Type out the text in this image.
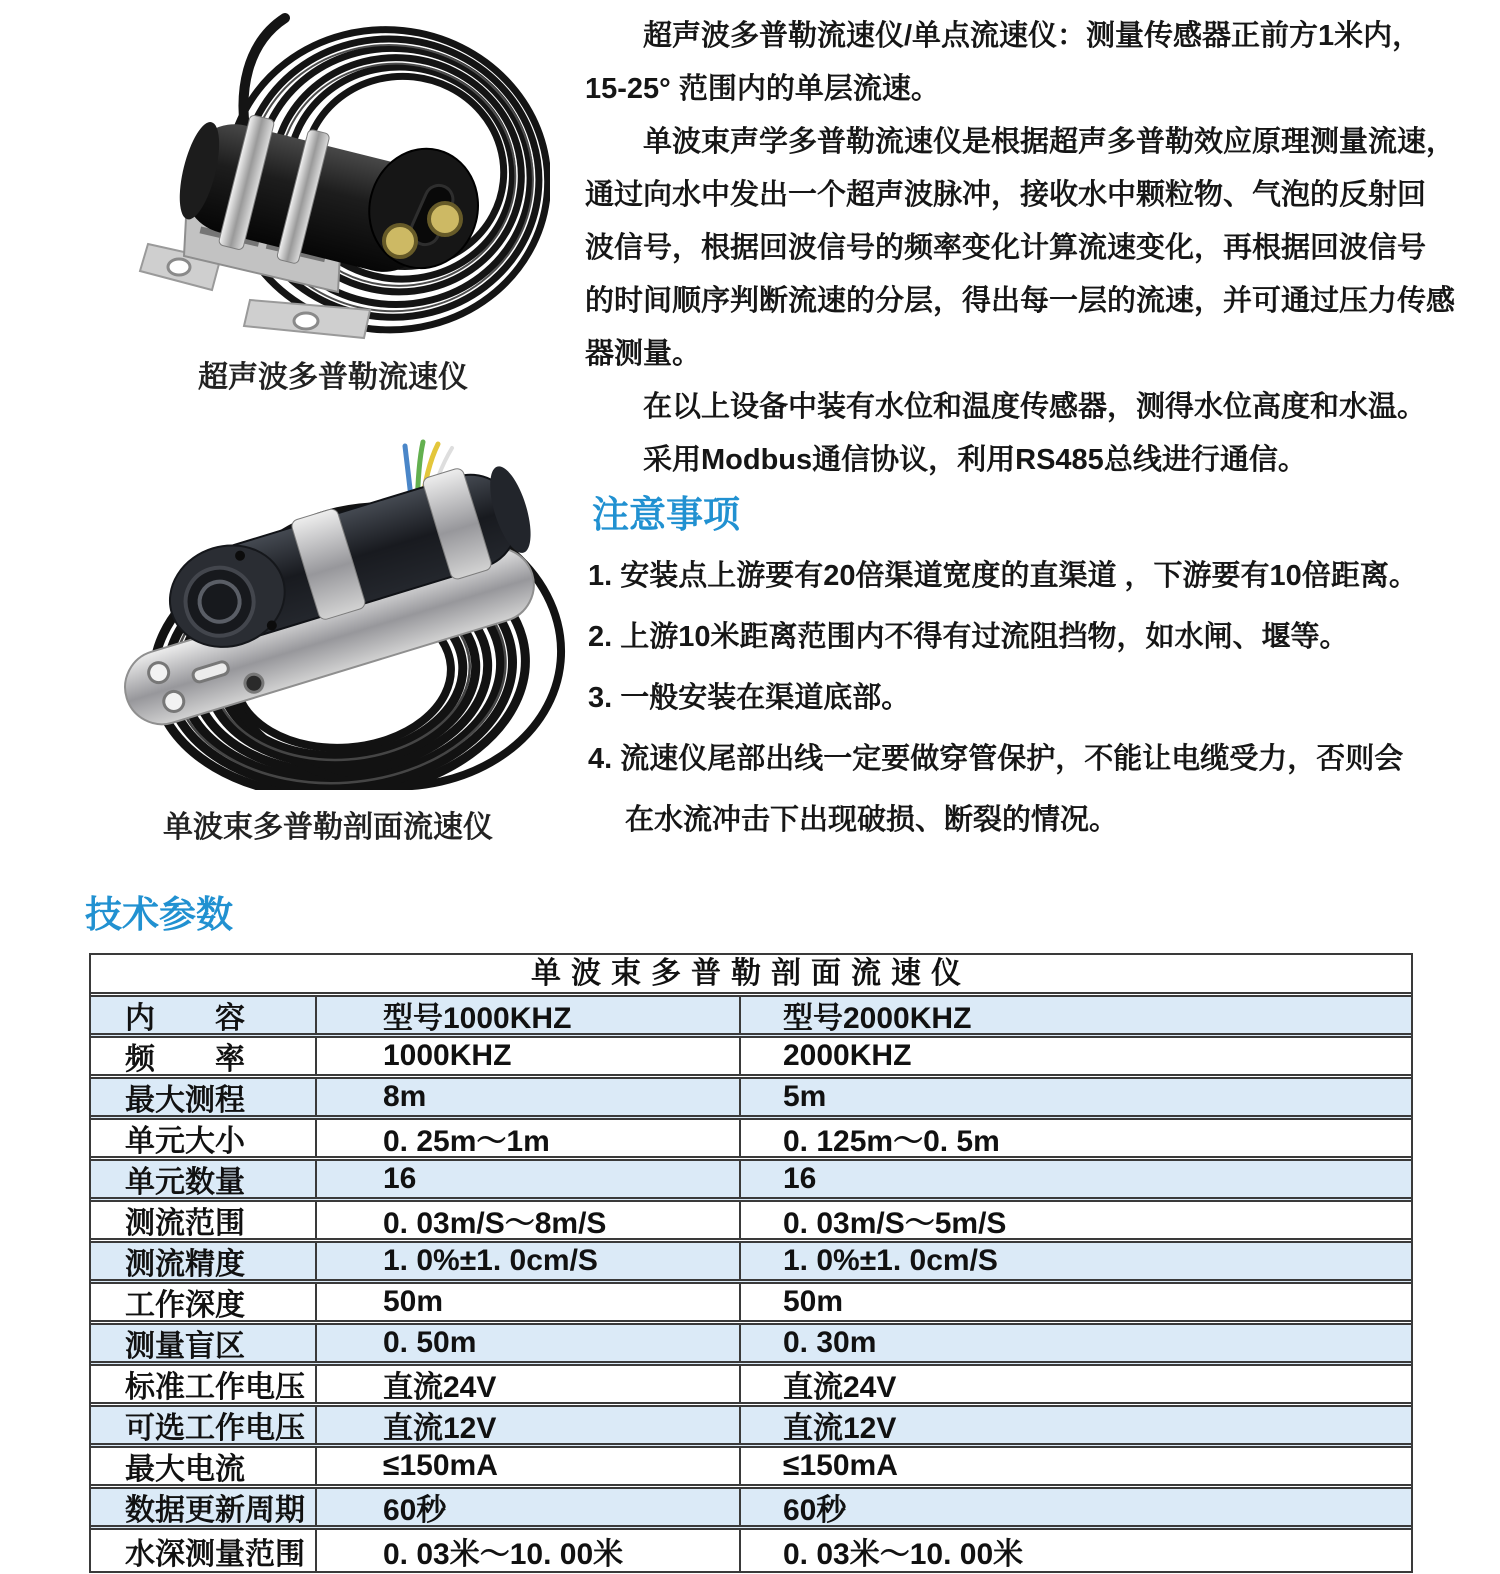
超声波多普勒流速仪
单波束多普勒剖面流速仪
　　超声波多普勒流速仪/单点流速仪：测量传感器正前方1米内，
15-25° 范围内的单层流速。
　　单波束声学多普勒流速仪是根据超声多普勒效应原理测量流速，
通过向水中发出一个超声波脉冲，接收水中颗粒物、气泡的反射回
波信号，根据回波信号的频率变化计算流速变化，再根据回波信号
的时间顺序判断流速的分层，得出每一层的流速，并可通过压力传感
器测量。
　　在以上设备中装有水位和温度传感器，测得水位高度和水温。
　　采用Modbus通信协议，利用RS485总线进行通信。
注意事项
1. 安装点上游要有20倍渠道宽度的直渠道 ，下游要有10倍距离。
2. 上游10米距离范围内不得有过流阻挡物，如水闸、堰等。
3. 一般安装在渠道底部。
4. 流速仪尾部出线一定要做穿管保护，不能让电缆受力，否则会
　 在水流冲击下出现破损、断裂的情况。
技术参数
单波束多普勒剖面流速仪
内　　容	型号1000KHZ	型号2000KHZ
频　　率	1000KHZ	2000KHZ
最大测程	8m	5m
单元大小	0. 25m～1m	0. 125m～0. 5m
单元数量	16	16
测流范围	0. 03m/S～8m/S	0. 03m/S～5m/S
测流精度	1. 0%±1. 0cm/S	1. 0%±1. 0cm/S
工作深度	50m	50m
测量盲区	0. 50m	0. 30m
标准工作电压	直流24V	直流24V
可选工作电压	直流12V	直流12V
最大电流	≤150mA	≤150mA
数据更新周期	60秒	60秒
水深测量范围	0. 03米～10. 00米	0. 03米～10. 00米
